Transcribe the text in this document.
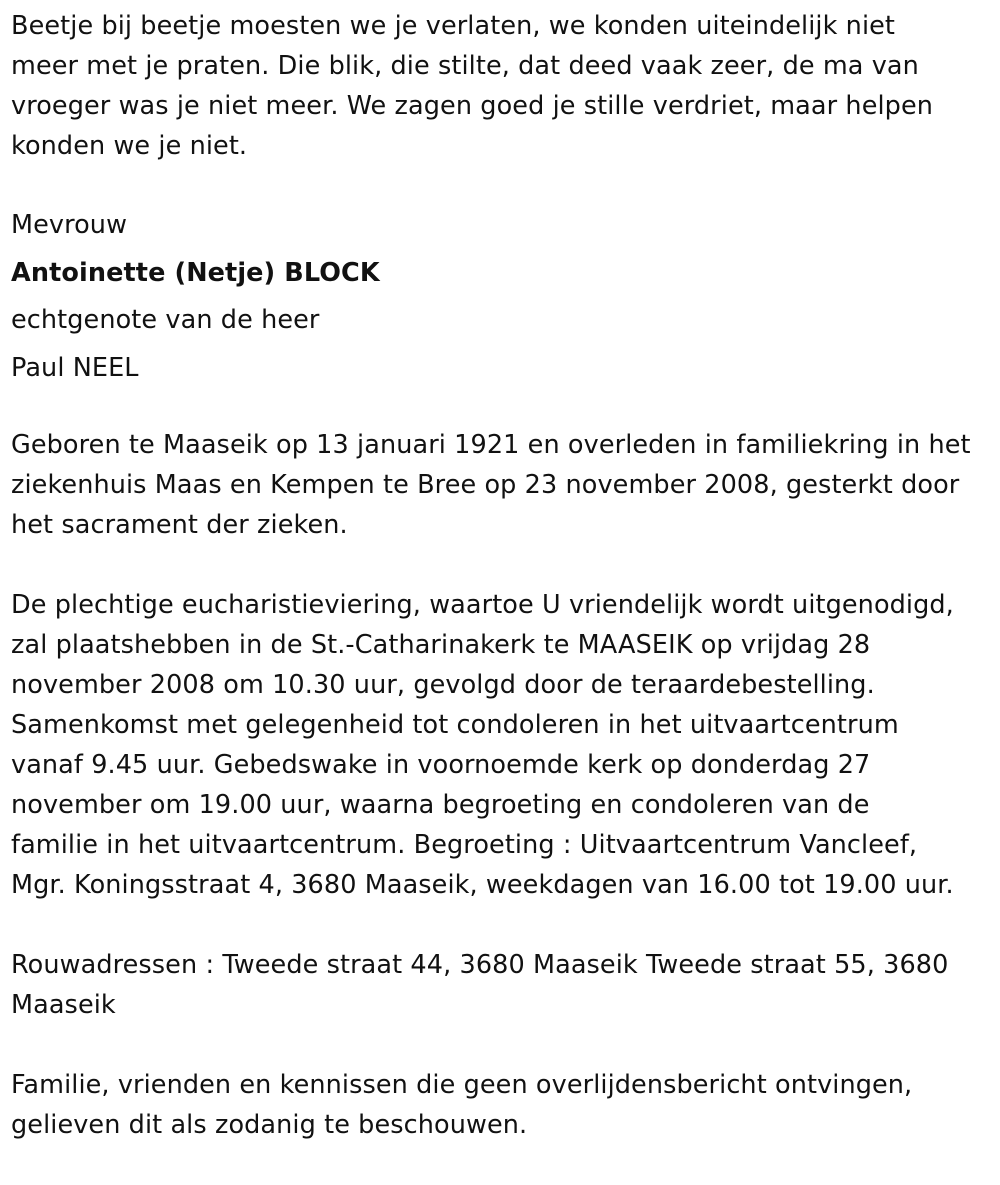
Beetje bij beetje moesten we je verlaten, we konden uiteindelijk niet
meer met je praten. Die blik, die stilte, dat deed vaak zeer, de ma van
vroeger was je niet meer. We zagen goed je stille verdriet, maar helpen
konden we je niet.
Mevrouw
Antoinette (Netje) BLOCK
echtgenote van de heer
Paul NEEL
Geboren te Maaseik op 13 januari 1921 en overleden in familiekring in het
ziekenhuis Maas en Kempen te Bree op 23 november 2008, gesterkt door
het sacrament der zieken.
De plechtige eucharistieviering, waartoe U vriendelijk wordt uitgenodigd,
zal plaatshebben in de St.-Catharinakerk te MAASEIK op vrijdag 28
november 2008 om 10.30 uur, gevolgd door de teraardebestelling.
Samenkomst met gelegenheid tot condoleren in het uitvaartcentrum
vanaf 9.45 uur. Gebedswake in voornoemde kerk op donderdag 27
november om 19.00 uur, waarna begroeting en condoleren van de
familie in het uitvaartcentrum. Begroeting : Uitvaartcentrum Vancleef,
Mgr. Koningsstraat 4, 3680 Maaseik, weekdagen van 16.00 tot 19.00 uur.
Rouwadressen : Tweede straat 44, 3680 Maaseik Tweede straat 55, 3680
Maaseik
Familie, vrienden en kennissen die geen overlijdensbericht ontvingen,
gelieven dit als zodanig te beschouwen.
